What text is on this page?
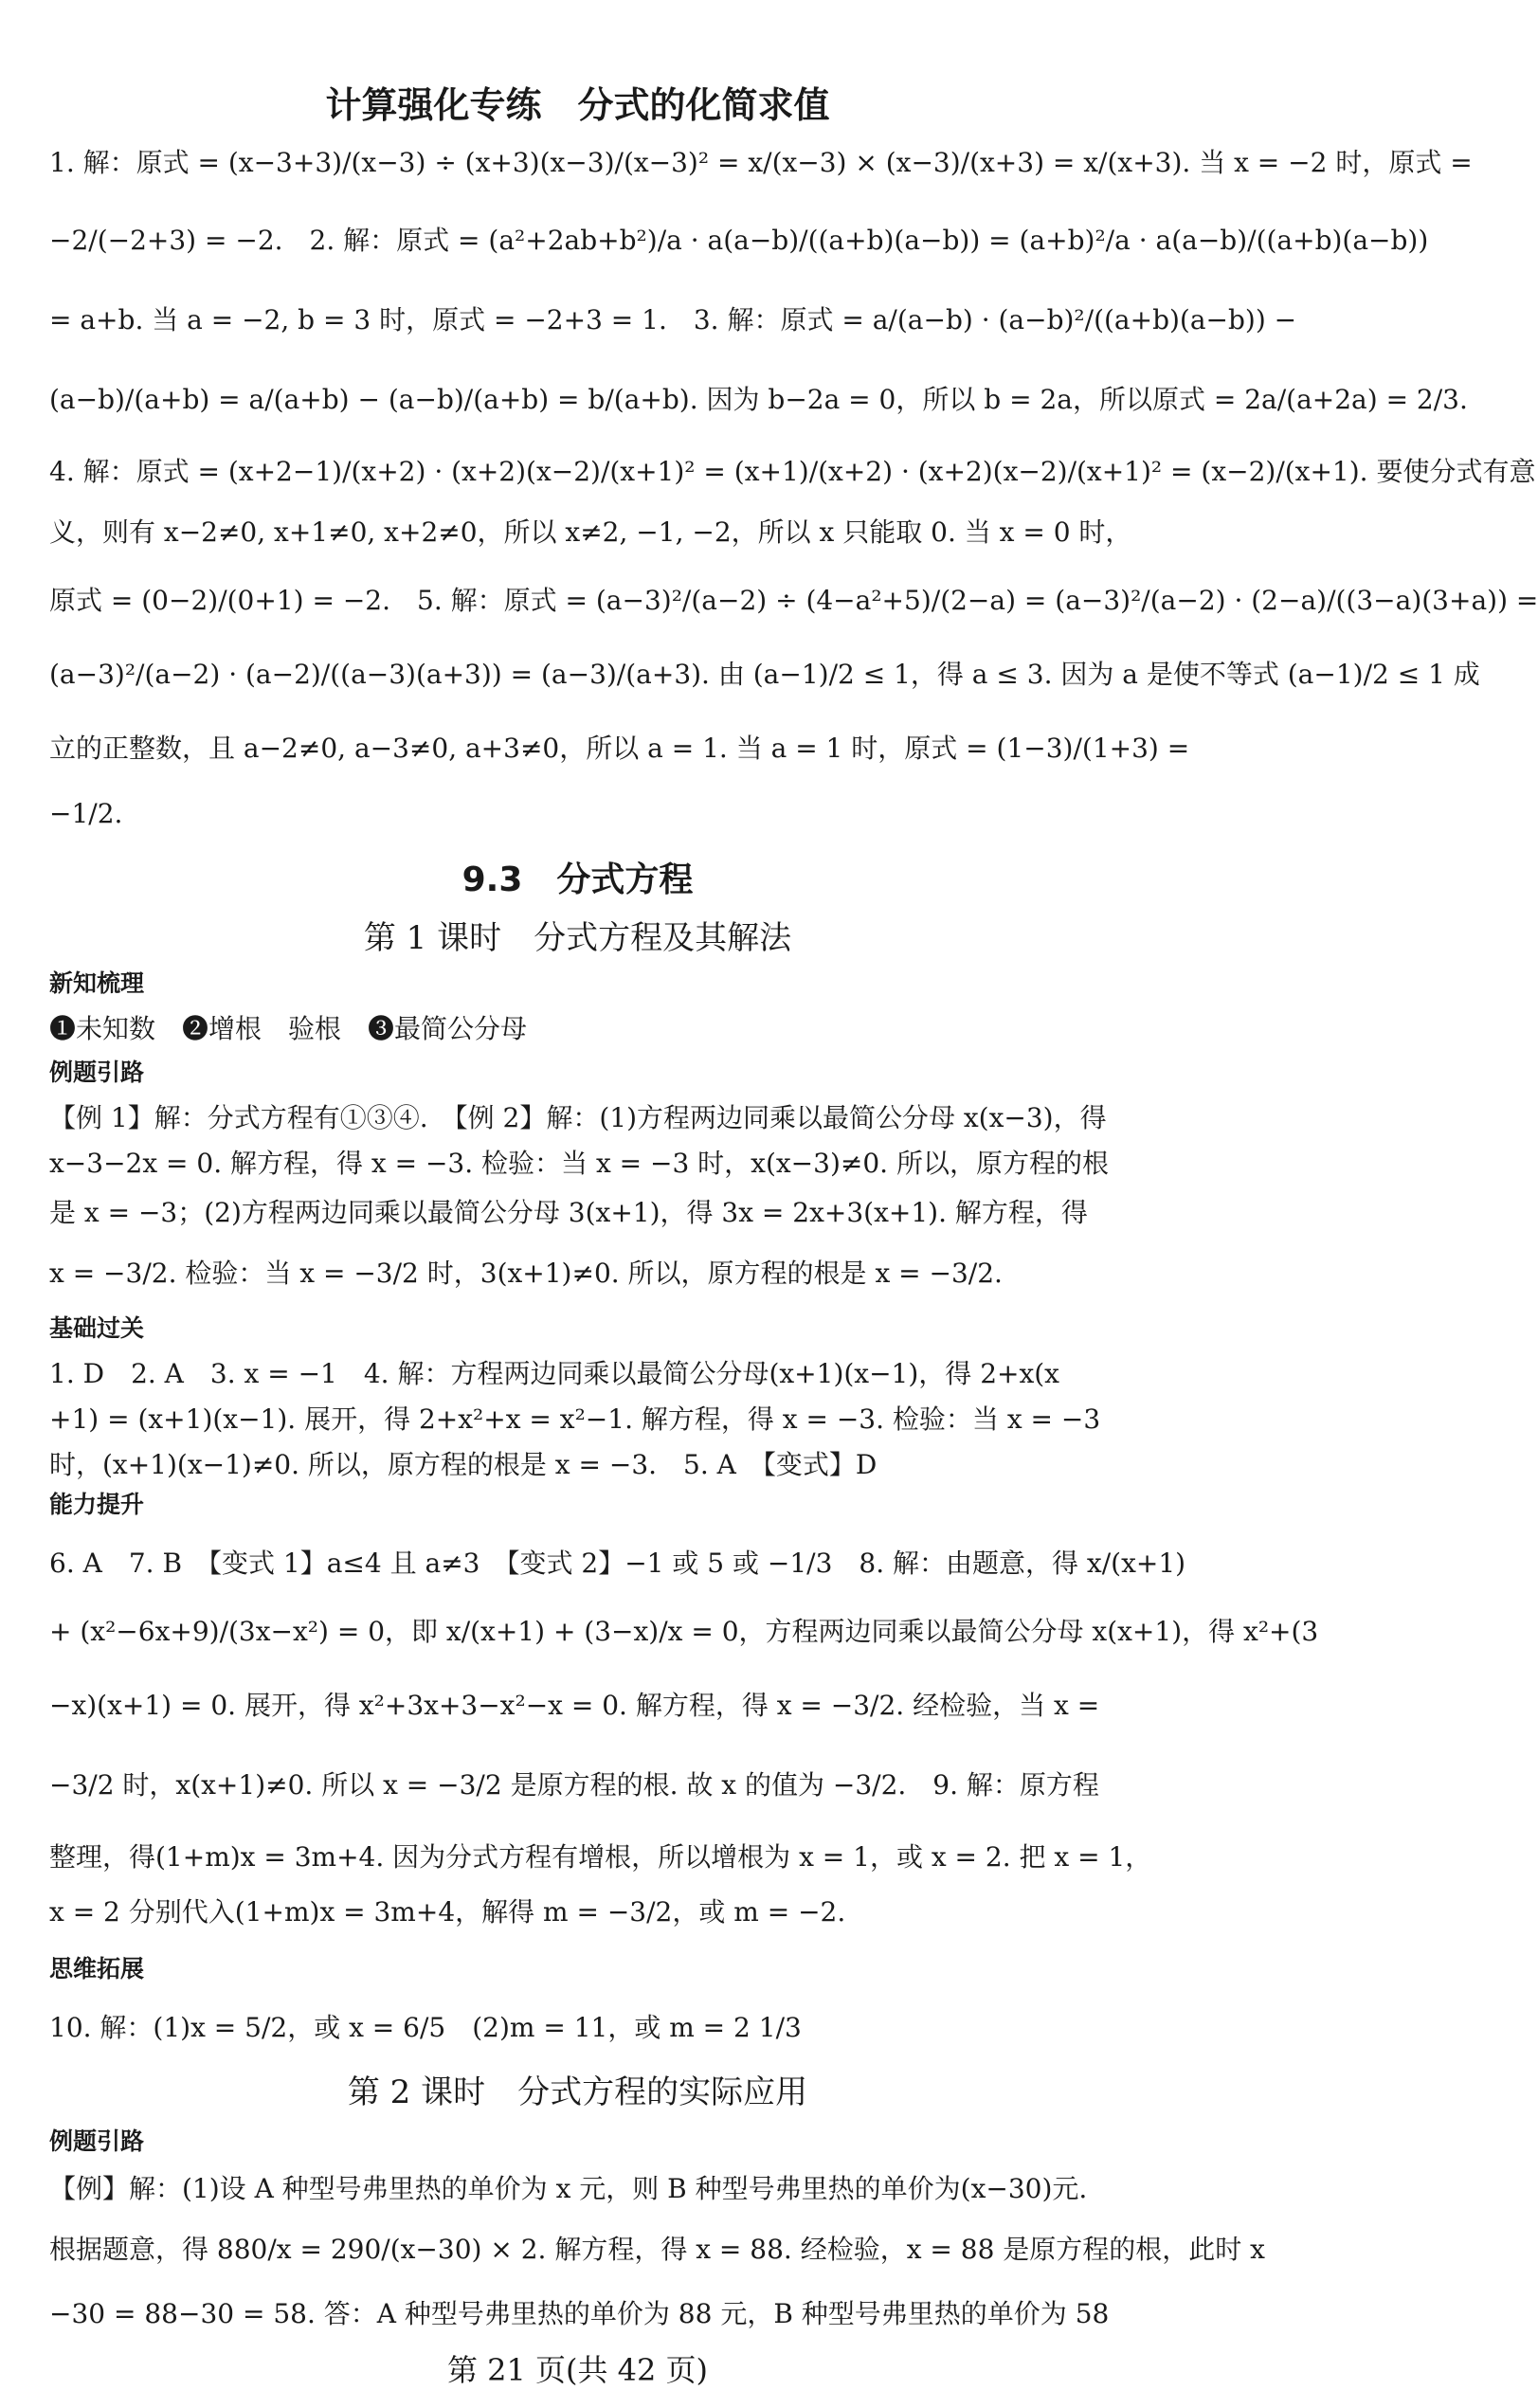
计算强化专练　分式的化简求值
1. 解：原式 = (x−3+3)/(x−3) ÷ (x+3)(x−3)/(x−3)² = x/(x−3) × (x−3)/(x+3) = x/(x+3). 当 x = −2 时，原式 =
−2/(−2+3) = −2.　2. 解：原式 = (a²+2ab+b²)/a · a(a−b)/((a+b)(a−b)) = (a+b)²/a · a(a−b)/((a+b)(a−b))
= a+b. 当 a = −2, b = 3 时，原式 = −2+3 = 1.　3. 解：原式 = a/(a−b) · (a−b)²/((a+b)(a−b)) −
(a−b)/(a+b) = a/(a+b) − (a−b)/(a+b) = b/(a+b). 因为 b−2a = 0，所以 b = 2a，所以原式 = 2a/(a+2a) = 2/3.
4. 解：原式 = (x+2−1)/(x+2) · (x+2)(x−2)/(x+1)² = (x+1)/(x+2) · (x+2)(x−2)/(x+1)² = (x−2)/(x+1). 要使分式有意
义，则有 x−2≠0, x+1≠0, x+2≠0，所以 x≠2, −1, −2，所以 x 只能取 0. 当 x = 0 时，
原式 = (0−2)/(0+1) = −2.　5. 解：原式 = (a−3)²/(a−2) ÷ (4−a²+5)/(2−a) = (a−3)²/(a−2) · (2−a)/((3−a)(3+a)) =
(a−3)²/(a−2) · (a−2)/((a−3)(a+3)) = (a−3)/(a+3). 由 (a−1)/2 ≤ 1，得 a ≤ 3. 因为 a 是使不等式 (a−1)/2 ≤ 1 成
立的正整数，且 a−2≠0, a−3≠0, a+3≠0，所以 a = 1. 当 a = 1 时，原式 = (1−3)/(1+3) =
−1/2.
9.3　分式方程
第 1 课时　分式方程及其解法
新知梳理
❶未知数　❷增根　验根　❸最简公分母
例题引路
【例 1】解：分式方程有①③④.　【例 2】解：(1)方程两边同乘以最简公分母 x(x−3)，得
x−3−2x = 0. 解方程，得 x = −3. 检验：当 x = −3 时，x(x−3)≠0. 所以，原方程的根
是 x = −3；(2)方程两边同乘以最简公分母 3(x+1)，得 3x = 2x+3(x+1). 解方程，得
x = −3/2. 检验：当 x = −3/2 时，3(x+1)≠0. 所以，原方程的根是 x = −3/2.
基础过关
1. D　2. A　3. x = −1　4. 解：方程两边同乘以最简公分母(x+1)(x−1)，得 2+x(x
+1) = (x+1)(x−1). 展开，得 2+x²+x = x²−1. 解方程，得 x = −3. 检验：当 x = −3
时，(x+1)(x−1)≠0. 所以，原方程的根是 x = −3.　5. A　【变式】D
能力提升
6. A　7. B　【变式 1】a≤4 且 a≠3　【变式 2】−1 或 5 或 −1/3　8. 解：由题意，得 x/(x+1)
+ (x²−6x+9)/(3x−x²) = 0，即 x/(x+1) + (3−x)/x = 0，方程两边同乘以最简公分母 x(x+1)，得 x²+(3
−x)(x+1) = 0. 展开，得 x²+3x+3−x²−x = 0. 解方程，得 x = −3/2. 经检验，当 x =
−3/2 时，x(x+1)≠0. 所以 x = −3/2 是原方程的根. 故 x 的值为 −3/2.　9. 解：原方程
整理，得(1+m)x = 3m+4. 因为分式方程有增根，所以增根为 x = 1，或 x = 2. 把 x = 1，
x = 2 分别代入(1+m)x = 3m+4，解得 m = −3/2，或 m = −2.
思维拓展
10. 解：(1)x = 5/2，或 x = 6/5　(2)m = 11，或 m = 2 1/3
第 2 课时　分式方程的实际应用
例题引路
【例】解：(1)设 A 种型号弗里热的单价为 x 元，则 B 种型号弗里热的单价为(x−30)元.
根据题意，得 880/x = 290/(x−30) × 2. 解方程，得 x = 88. 经检验，x = 88 是原方程的根，此时 x
−30 = 88−30 = 58. 答：A 种型号弗里热的单价为 88 元，B 种型号弗里热的单价为 58
第 21 页(共 42 页)
